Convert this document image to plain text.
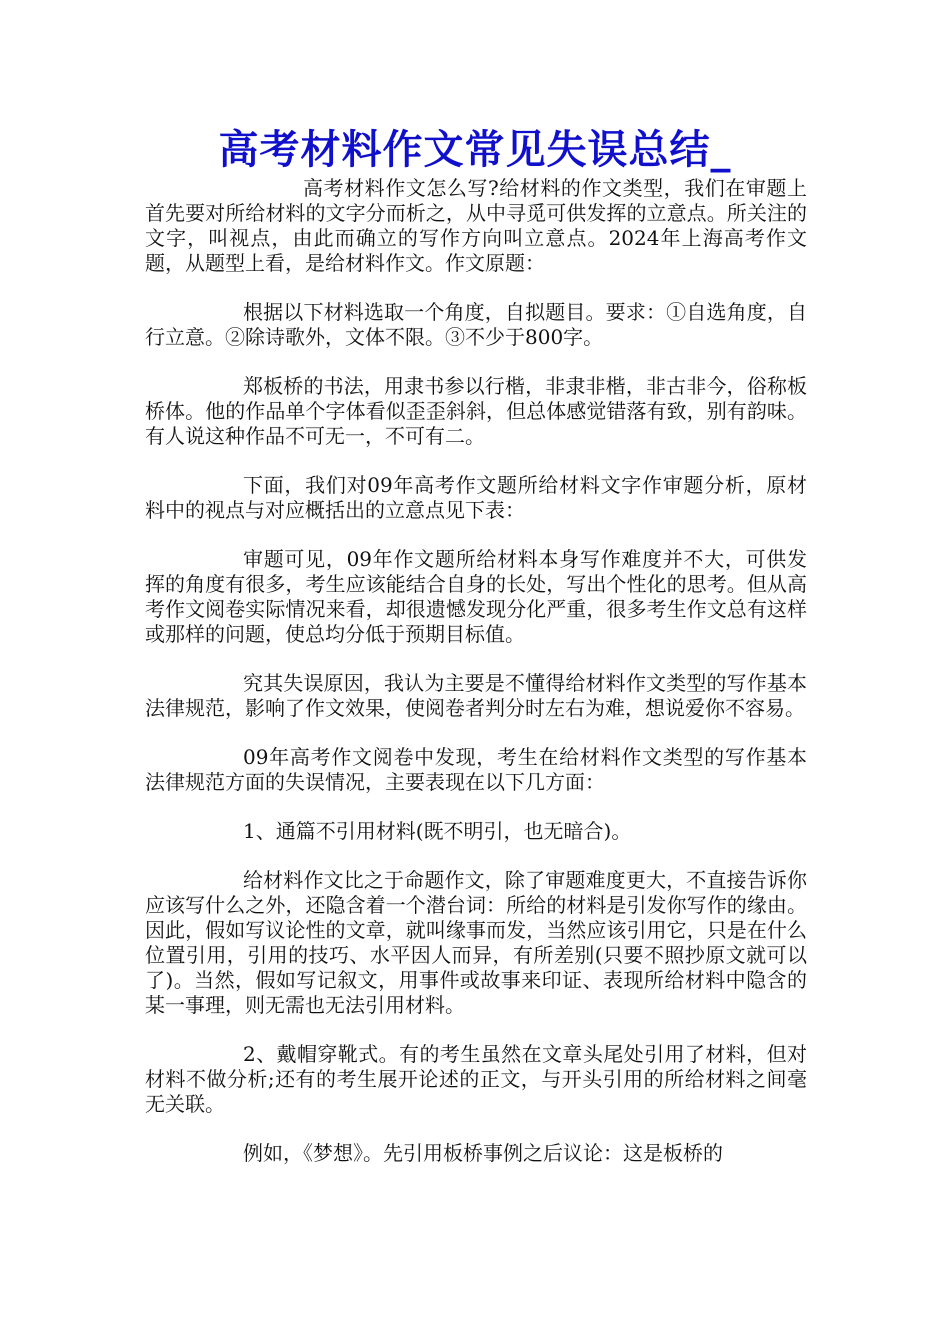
高考材料作文常见失误总结_

高考材料作文怎么写?给材料的作文类型，我们在审题上首先要对所给材料的文字分而析之，从中寻觅可供发挥的立意点。所关注的文字，叫视点，由此而确立的写作方向叫立意点。2024年上海高考作文题，从题型上看，是给材料作文。作文原题：

根据以下材料选取一个角度，自拟题目。要求：①自选角度，自行立意。②除诗歌外，文体不限。③不少于800字。

郑板桥的书法，用隶书参以行楷，非隶非楷，非古非今，俗称板桥体。他的作品单个字体看似歪歪斜斜，但总体感觉错落有致，别有韵味。有人说这种作品不可无一，不可有二。

下面，我们对09年高考作文题所给材料文字作审题分析，原材料中的视点与对应概括出的立意点见下表：

审题可见，09年作文题所给材料本身写作难度并不大，可供发挥的角度有很多，考生应该能结合自身的长处，写出个性化的思考。但从高考作文阅卷实际情况来看，却很遗憾发现分化严重，很多考生作文总有这样或那样的问题，使总均分低于预期目标值。

究其失误原因，我认为主要是不懂得给材料作文类型的写作基本法律规范，影响了作文效果，使阅卷者判分时左右为难，想说爱你不容易。

09年高考作文阅卷中发现，考生在给材料作文类型的写作基本法律规范方面的失误情况，主要表现在以下几方面：

1、通篇不引用材料(既不明引，也无暗合)。

给材料作文比之于命题作文，除了审题难度更大，不直接告诉你应该写什么之外，还隐含着一个潜台词：所给的材料是引发你写作的缘由。因此，假如写议论性的文章，就叫缘事而发，当然应该引用它，只是在什么位置引用，引用的技巧、水平因人而异，有所差别(只要不照抄原文就可以了)。当然，假如写记叙文，用事件或故事来印证、表现所给材料中隐含的某一事理，则无需也无法引用材料。

2、戴帽穿靴式。有的考生虽然在文章头尾处引用了材料，但对材料不做分析;还有的考生展开论述的正文，与开头引用的所给材料之间毫无关联。

例如，《梦想》。先引用板桥事例之后议论：这是板桥的
